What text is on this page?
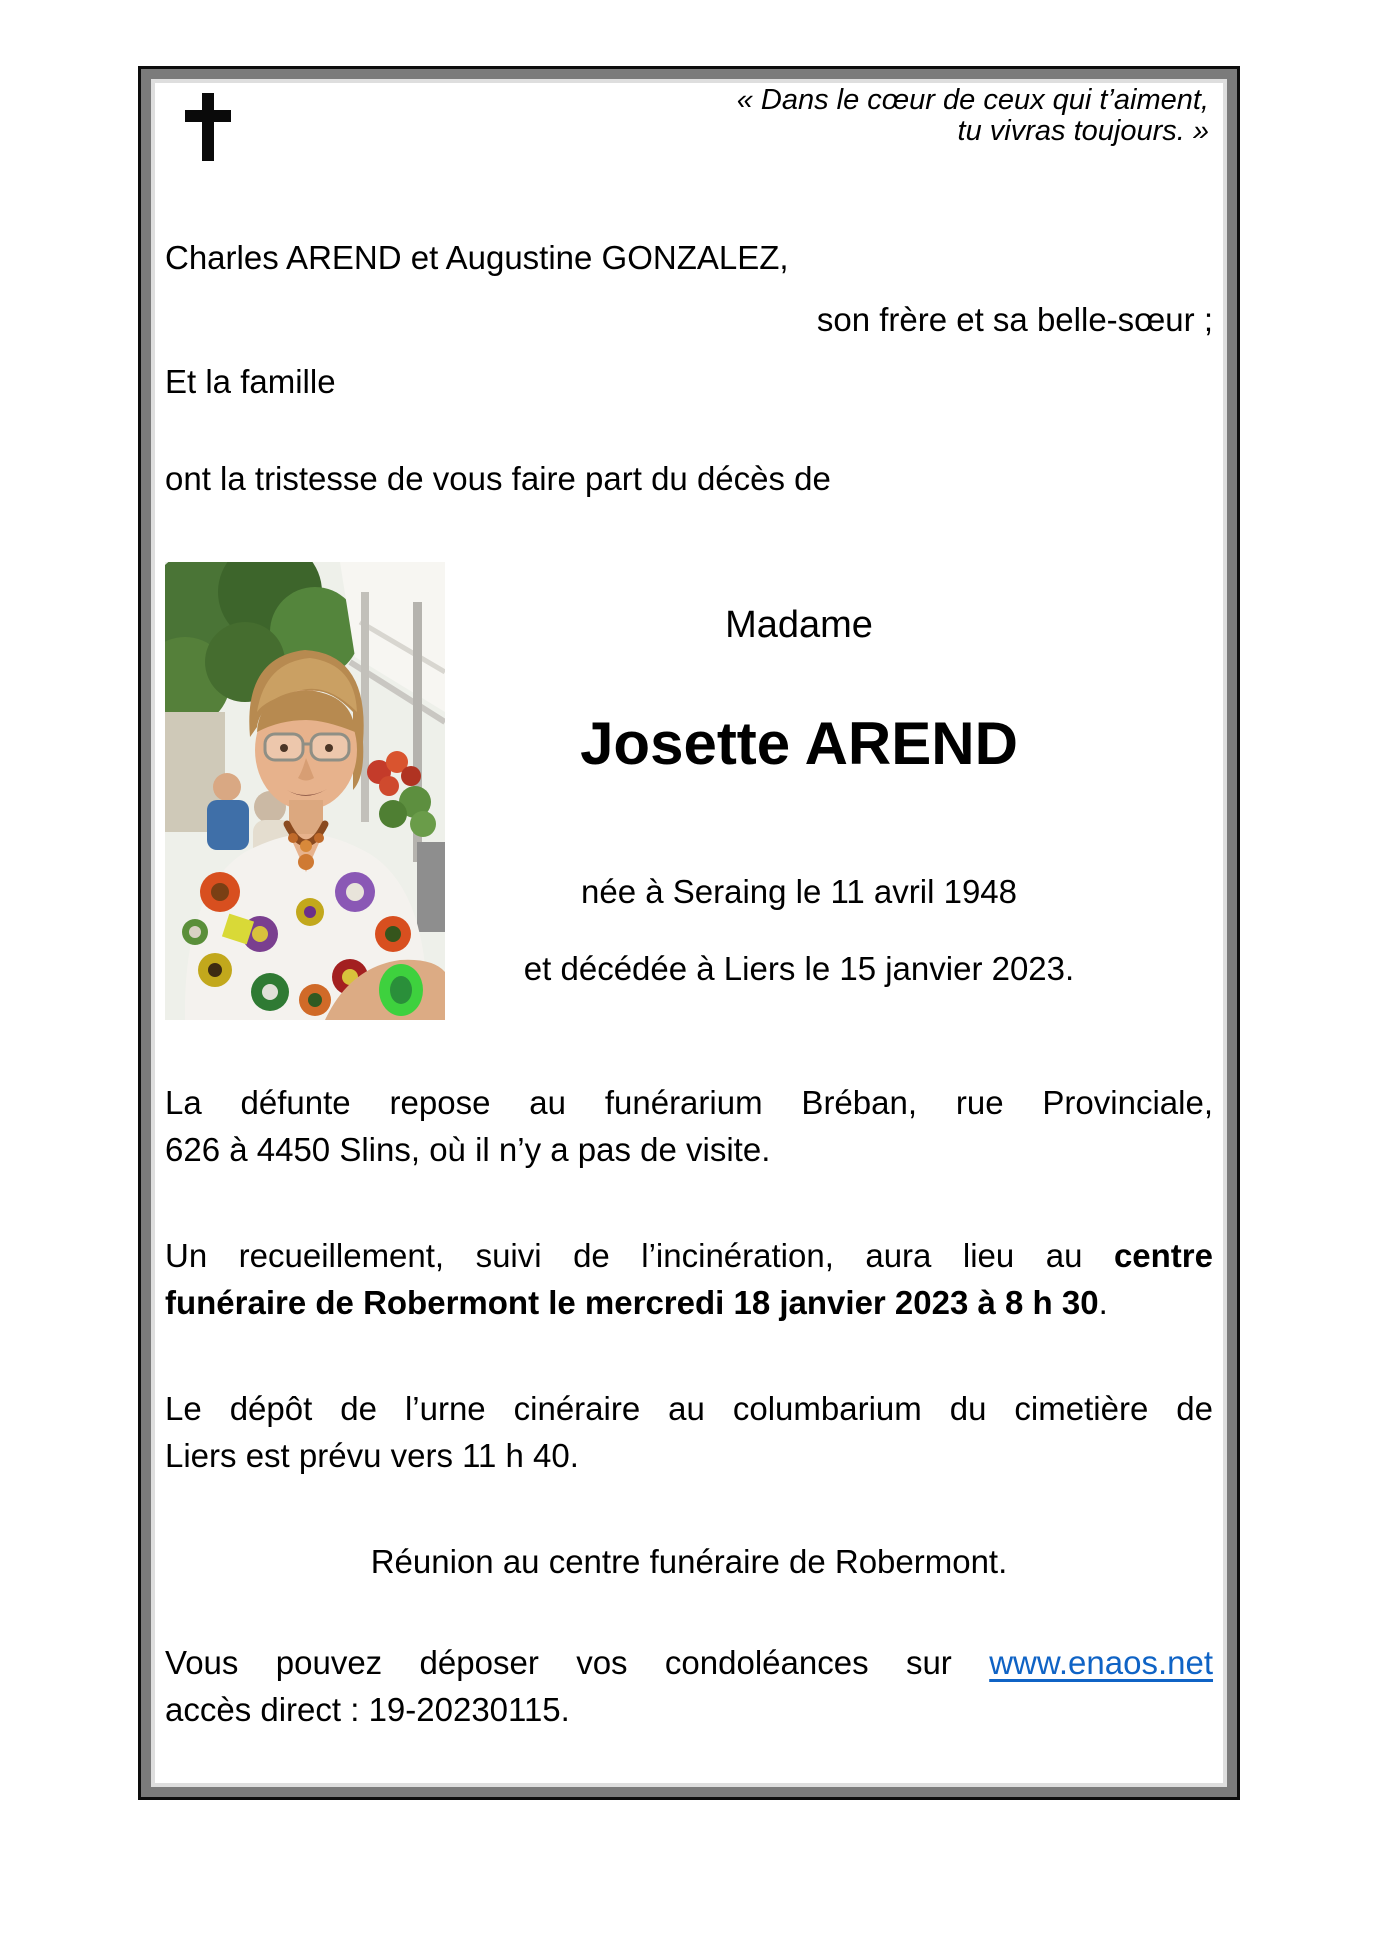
« Dans le cœur de ceux qui t’aiment,
tu vivras toujours. »
Charles AREND et Augustine GONZALEZ,
son frère et sa belle-sœur ;
Et la famille
ont la tristesse de vous faire part du décès de
Madame
Josette AREND
née à Seraing le 11 avril 1948
et décédée à Liers le 15 janvier 2023.
La défunte repose au funérarium Bréban, rue Provinciale,
626 à 4450 Slins, où il n’y a pas de visite.
Un recueillement, suivi de l’incinération, aura lieu au centre
funéraire de Robermont le mercredi 18 janvier 2023 à 8 h 30.
Le dépôt de l’urne cinéraire au columbarium du cimetière de
Liers est prévu vers 11 h 40.
Réunion au centre funéraire de Robermont.
Vous pouvez déposer vos condoléances sur www.enaos.net
accès direct : 19-20230115.
